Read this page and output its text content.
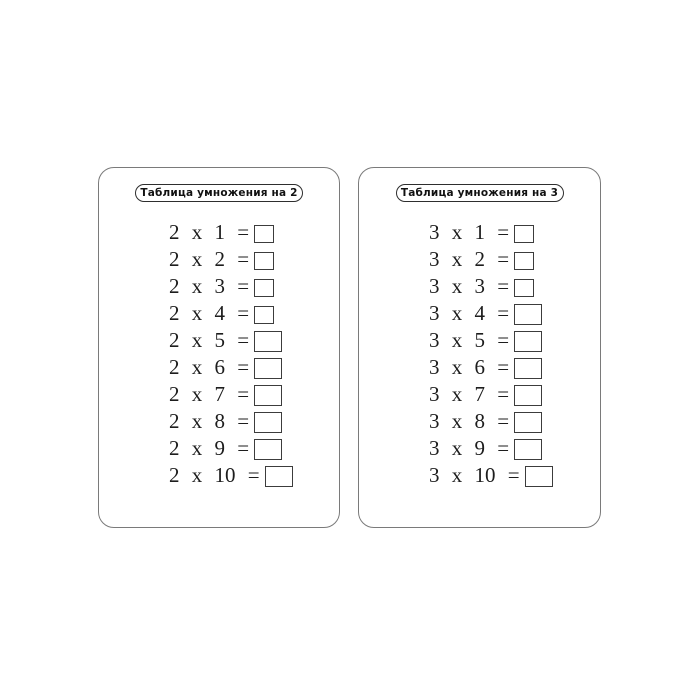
Таблица умножения на 2
2 x 1 =
2 x 2 =
2 x 3 =
2 x 4 =
2 x 5 =
2 x 6 =
2 x 7 =
2 x 8 =
2 x 9 =
2 x 10 =
Таблица умножения на 3
3 x 1 =
3 x 2 =
3 x 3 =
3 x 4 =
3 x 5 =
3 x 6 =
3 x 7 =
3 x 8 =
3 x 9 =
3 x 10 =
